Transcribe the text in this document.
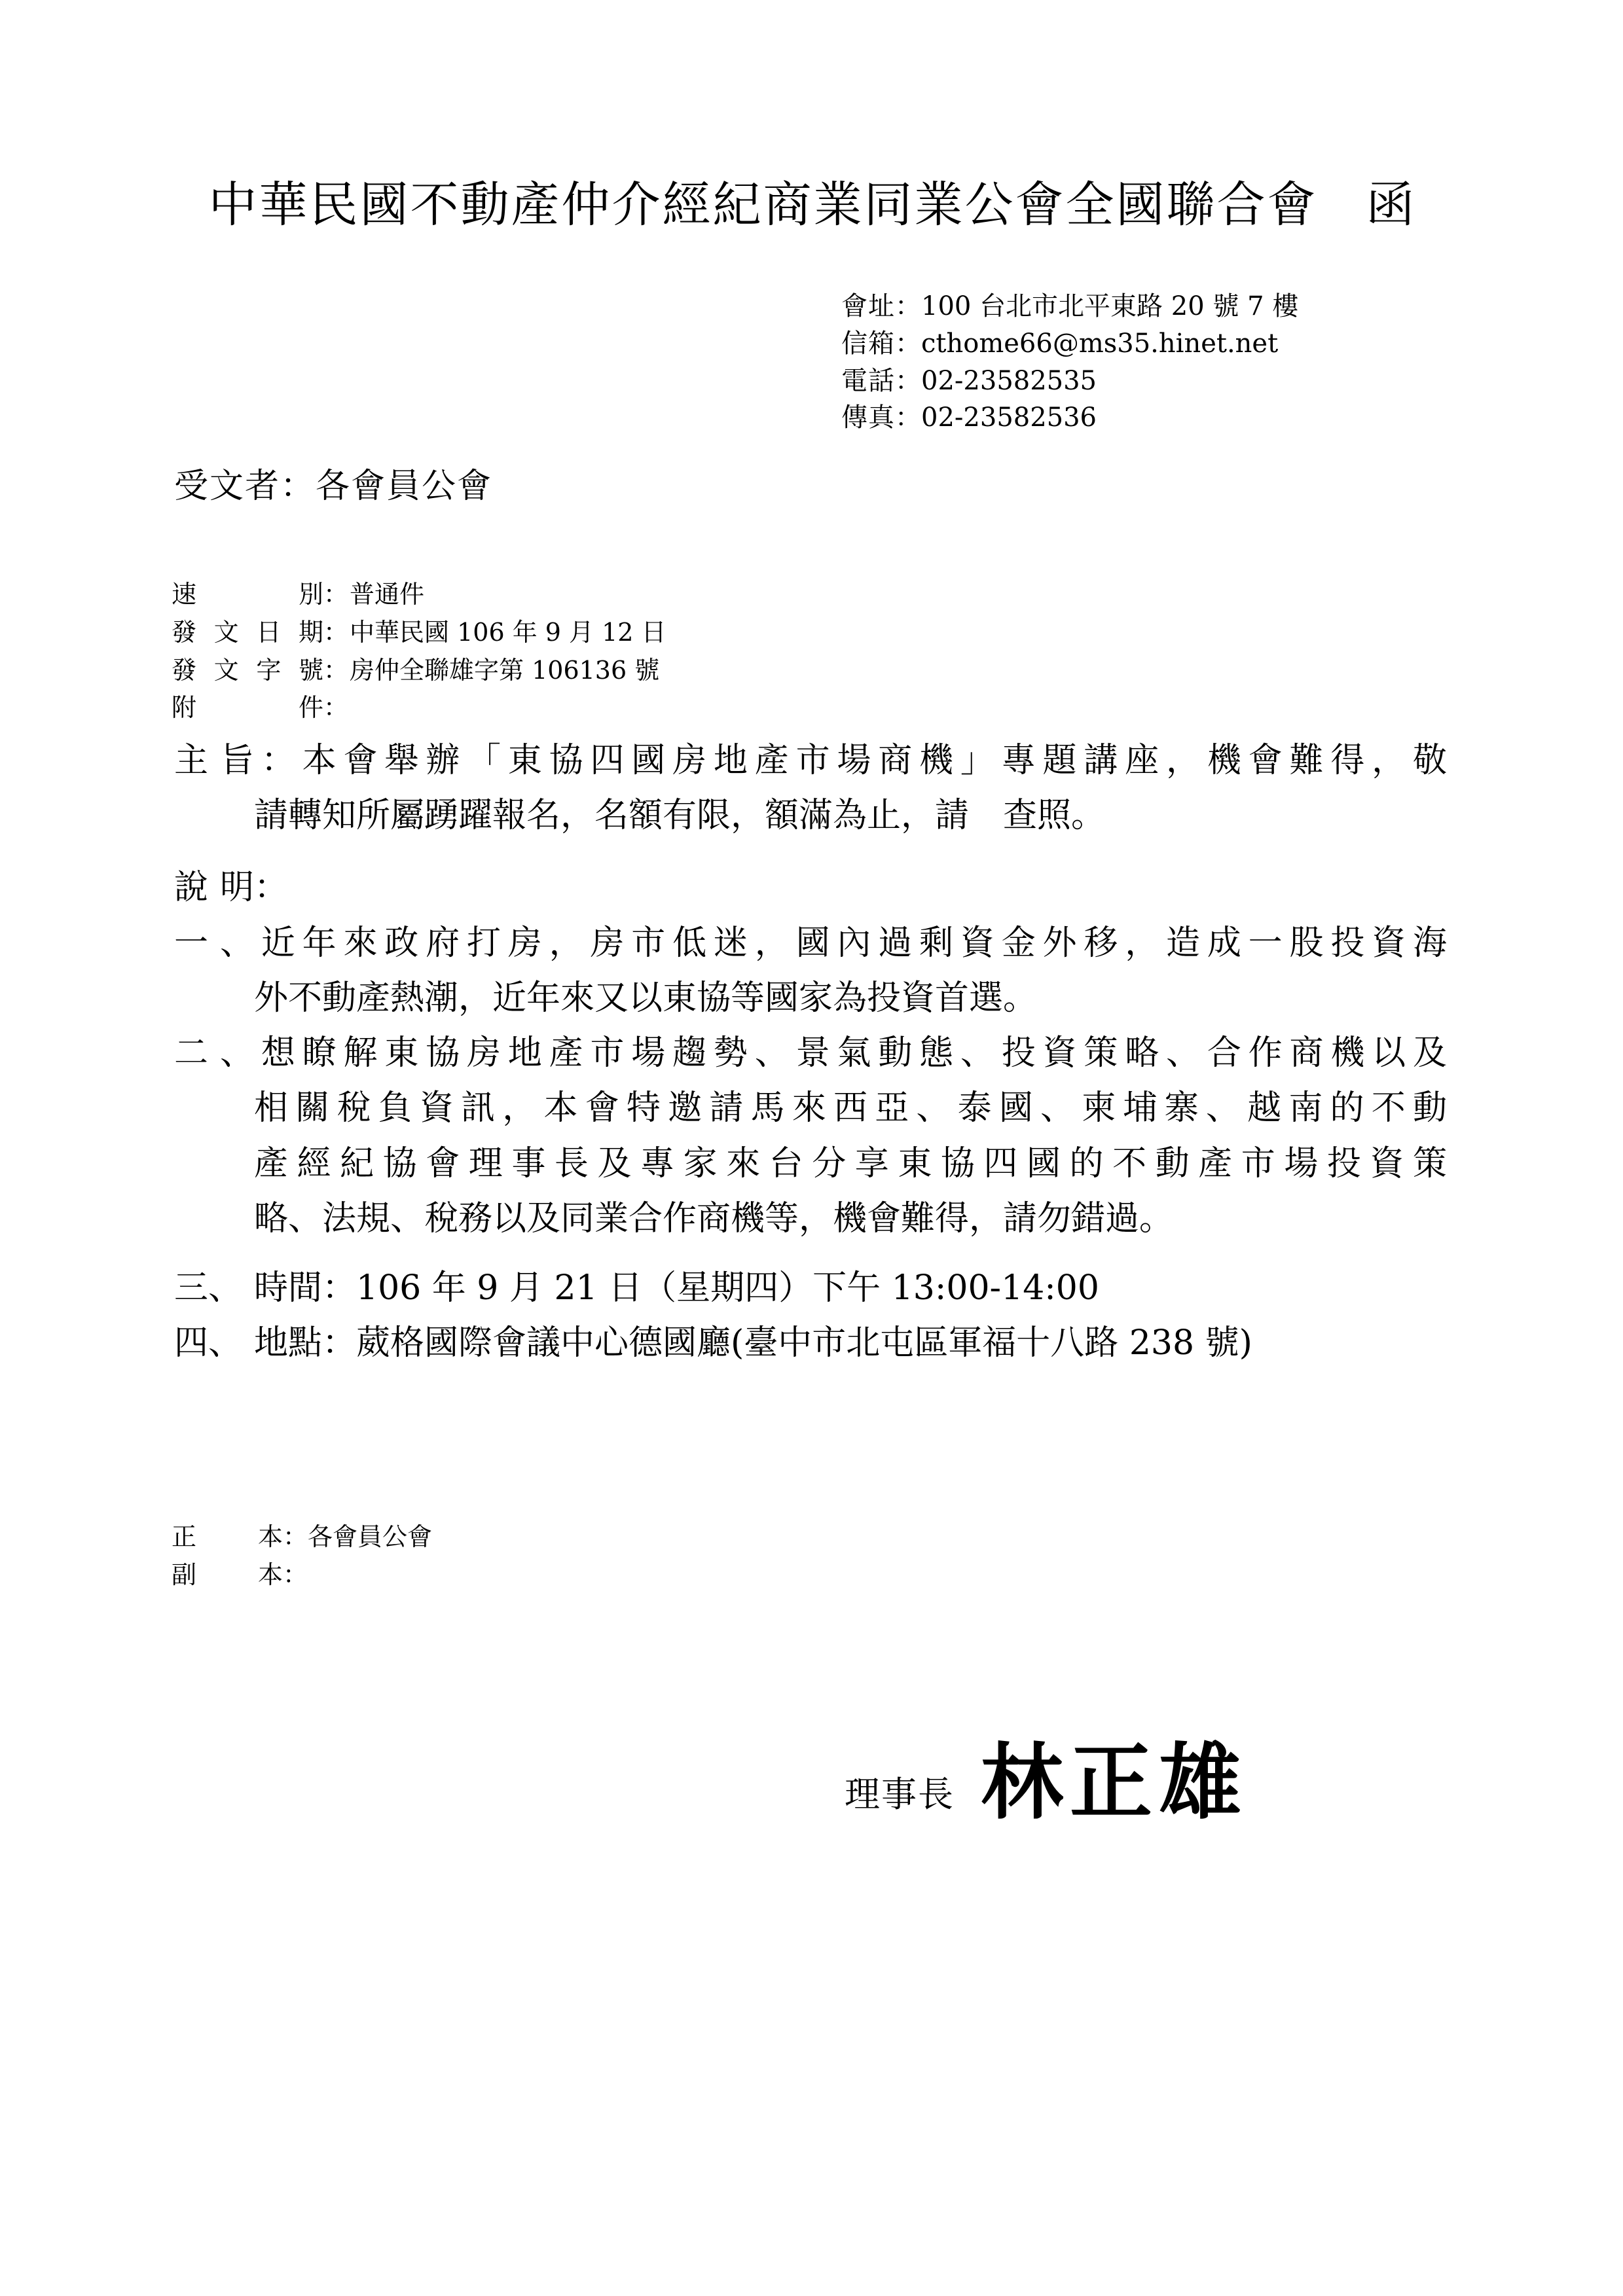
中華民國不動產仲介經紀商業同業公會全國聯合會 函
會址：100 台北市北平東路 20 號 7 樓
信箱：cthome66@ms35.hinet.net
電話：02-23582535
傳真：02-23582536
受文者：各會員公會
速別：普通件
發文日期：中華民國 106 年 9 月 12 日
發文字號：房仲全聯雄字第 106136 號
附件：
主旨：本會舉辦「東協四國房地產市場商機」專題講座，機會難得，敬
請轉知所屬踴躍報名，名額有限，額滿為止，請　查照。
說明：
一、近年來政府打房，房市低迷，國內過剩資金外移，造成一股投資海
外不動產熱潮，近年來又以東協等國家為投資首選。
二、想瞭解東協房地產市場趨勢、景氣動態、投資策略、合作商機以及
相關稅負資訊，本會特邀請馬來西亞、泰國、柬埔寨、越南的不動
產經紀協會理事長及專家來台分享東協四國的不動產市場投資策
略、法規、稅務以及同業合作商機等，機會難得，請勿錯過。
三、 時間：106 年 9 月 21 日（星期四）下午 13:00-14:00
四、 地點：葳格國際會議中心德國廳(臺中市北屯區軍福十八路 238 號)
正本：各會員公會
副本：
理事長 林正雄
